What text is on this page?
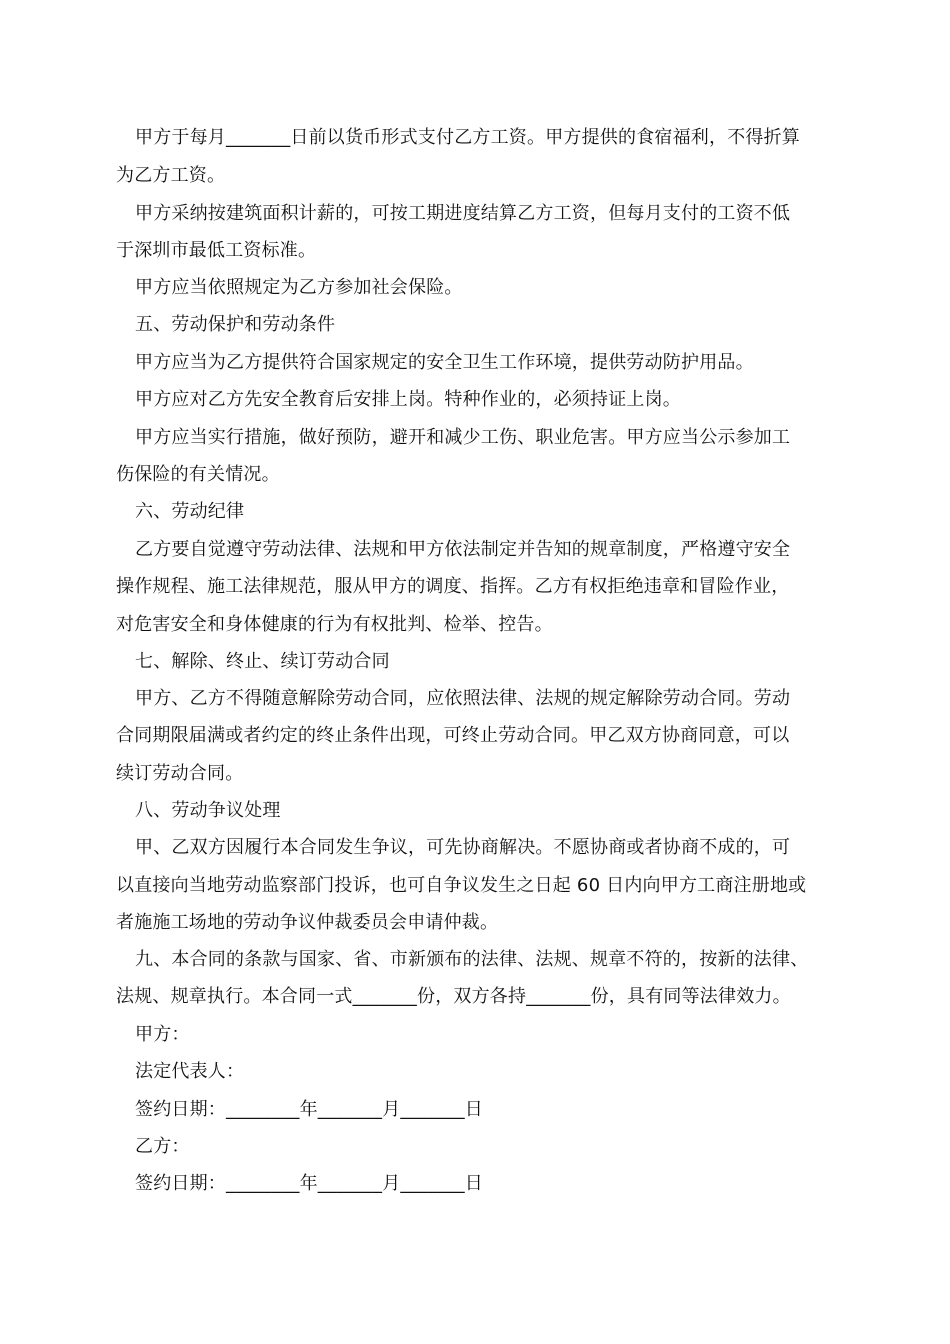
甲方于每月_______日前以货币形式支付乙方工资。甲方提供的食宿福利，不得折算
为乙方工资。
甲方采纳按建筑面积计薪的，可按工期进度结算乙方工资，但每月支付的工资不低
于深圳市最低工资标准。
甲方应当依照规定为乙方参加社会保险。
五、劳动保护和劳动条件
甲方应当为乙方提供符合国家规定的安全卫生工作环境，提供劳动防护用品。
甲方应对乙方先安全教育后安排上岗。特种作业的，必须持证上岗。
甲方应当实行措施，做好预防，避开和减少工伤、职业危害。甲方应当公示参加工
伤保险的有关情况。
六、劳动纪律
乙方要自觉遵守劳动法律、法规和甲方依法制定并告知的规章制度，严格遵守安全
操作规程、施工法律规范，服从甲方的调度、指挥。乙方有权拒绝违章和冒险作业，
对危害安全和身体健康的行为有权批判、检举、控告。
七、解除、终止、续订劳动合同
甲方、乙方不得随意解除劳动合同，应依照法律、法规的规定解除劳动合同。劳动
合同期限届满或者约定的终止条件出现，可终止劳动合同。甲乙双方协商同意，可以
续订劳动合同。
八、劳动争议处理
甲、乙双方因履行本合同发生争议，可先协商解决。不愿协商或者协商不成的，可
以直接向当地劳动监察部门投诉，也可自争议发生之日起 60 日内向甲方工商注册地或
者施施工场地的劳动争议仲裁委员会申请仲裁。
九、本合同的条款与国家、省、市新颁布的法律、法规、规章不符的，按新的法律、
法规、规章执行。本合同一式_______份，双方各持_______份，具有同等法律效力。
甲方：
法定代表人：
签约日期：________年_______月_______日
乙方：
签约日期：________年_______月_______日
